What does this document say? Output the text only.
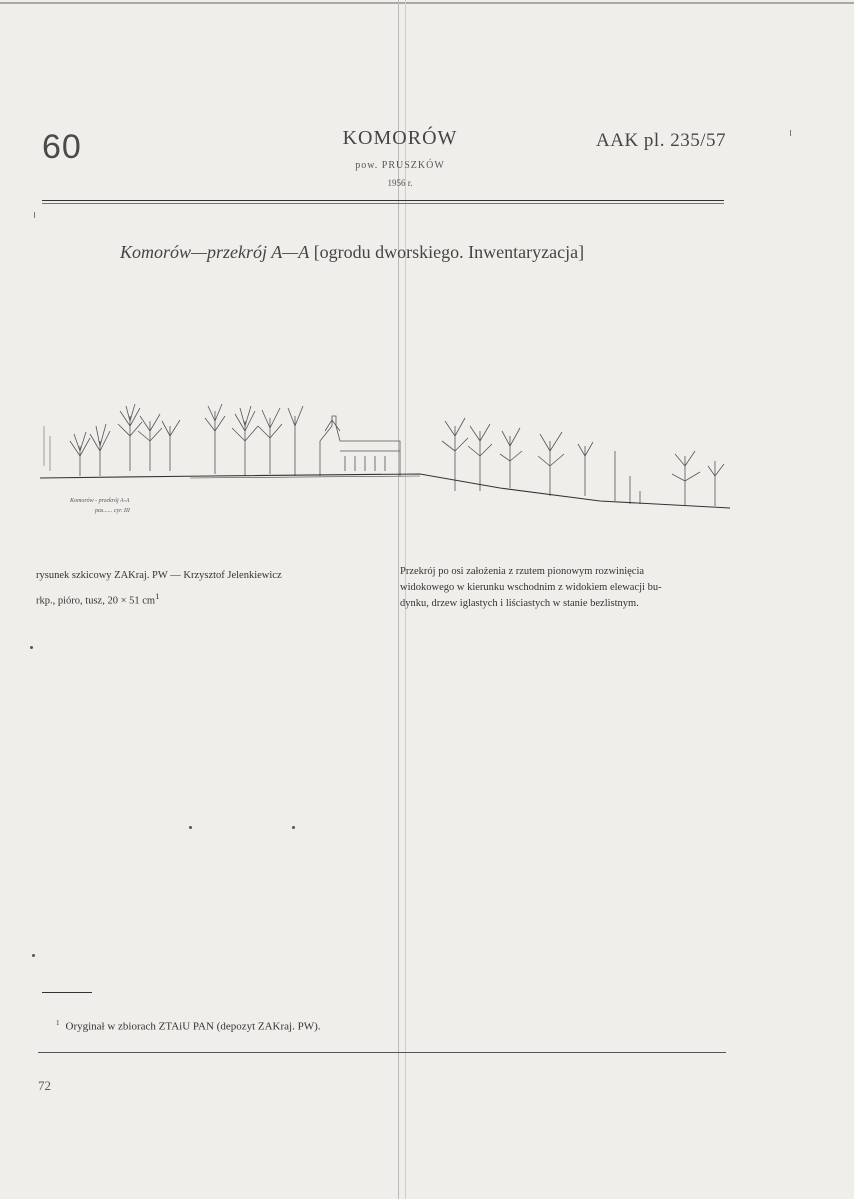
60	KOMORÓW
pow. PRUSZKÓW
1956 r.
AAK pl. 235/57
Komorów—przekrój A—A [ogrodu dworskiego. Inwentaryzacja]
Komorów - przekrój A-A
pas...... cyr. III
rysunek szkicowy ZAKraj. PW — Krzysztof Jelenkiewicz
rkp., pióro, tusz, 20 × 51 $cm^1$
Przekrój po osi założenia z rzutem pionowym rozwinięcia
widokowego w kierunku wschodnim z widokiem elewacji bu-
dynku, drzew iglastych i liściastych w stanie bezlistnym.
$^1$ Oryginał w zbiorach ZTAiU PAN (depozyt ZAKraj. PW).
72
